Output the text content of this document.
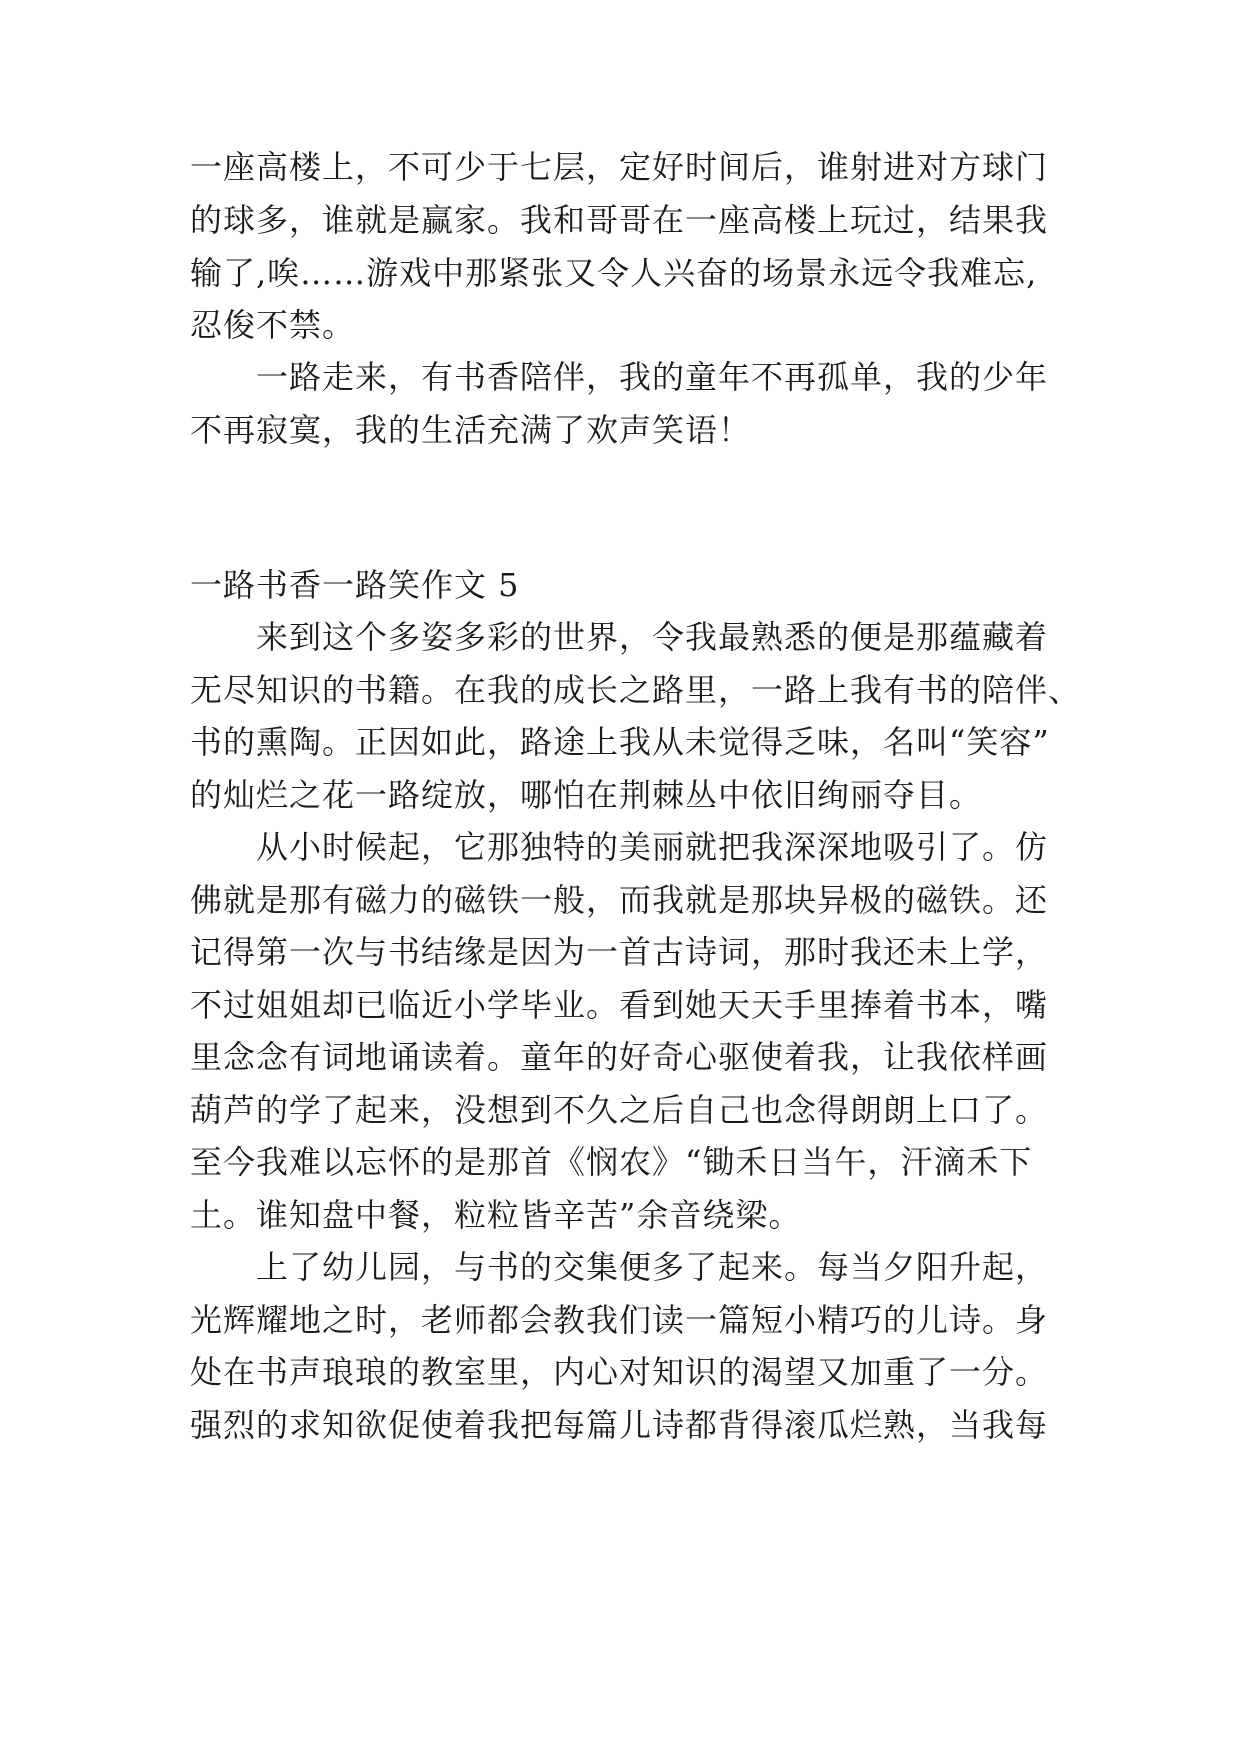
一座高楼上，不可少于七层，定好时间后，谁射进对方球门
的球多，谁就是赢家。我和哥哥在一座高楼上玩过，结果我
输了,唉……游戏中那紧张又令人兴奋的场景永远令我难忘,
忍俊不禁。
一路走来，有书香陪伴，我的童年不再孤单，我的少年
不再寂寞，我的生活充满了欢声笑语！
一路书香一路笑作文 5
来到这个多姿多彩的世界，令我最熟悉的便是那蕴藏着
无尽知识的书籍。在我的成长之路里，一路上我有书的陪伴、
书的熏陶。正因如此，路途上我从未觉得乏味，名叫“笑容”
的灿烂之花一路绽放，哪怕在荆棘丛中依旧绚丽夺目。
从小时候起，它那独特的美丽就把我深深地吸引了。仿
佛就是那有磁力的磁铁一般，而我就是那块异极的磁铁。还
记得第一次与书结缘是因为一首古诗词，那时我还未上学，
不过姐姐却已临近小学毕业。看到她天天手里捧着书本，嘴
里念念有词地诵读着。童年的好奇心驱使着我，让我依样画
葫芦的学了起来，没想到不久之后自己也念得朗朗上口了。
至今我难以忘怀的是那首《悯农》“锄禾日当午，汗滴禾下
土。谁知盘中餐，粒粒皆辛苦”余音绕梁。
上了幼儿园，与书的交集便多了起来。每当夕阳升起，
光辉耀地之时，老师都会教我们读一篇短小精巧的儿诗。身
处在书声琅琅的教室里，内心对知识的渴望又加重了一分。
强烈的求知欲促使着我把每篇儿诗都背得滚瓜烂熟，当我每
